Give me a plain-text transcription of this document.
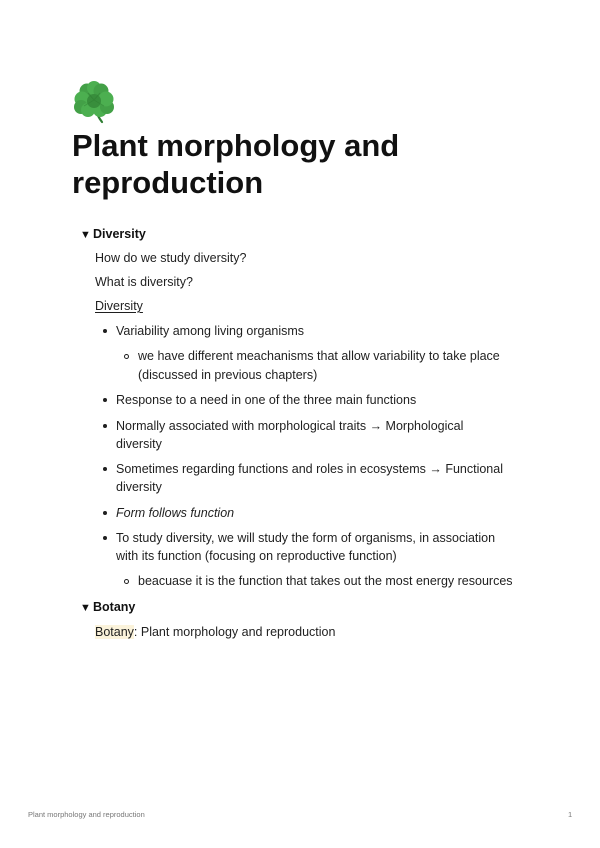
Plant morphology and reproduction
▼ Diversity
How do we study diversity?
What is diversity?
Diversity
Variability among living organisms
we have different meachanisms that allow variability to take place
(discussed in previous chapters)
Response to a need in one of the three main functions
Normally associated with morphological traits → Morphological
diversity
Sometimes regarding functions and roles in ecosystems → Functional
diversity
Form follows function
To study diversity, we will study the form of organisms, in association
with its function (focusing on reproductive function)
beacuase it is the function that takes out the most energy resources
▼ Botany
Botany: Plant morphology and reproduction
Plant morphology and reproduction	1
